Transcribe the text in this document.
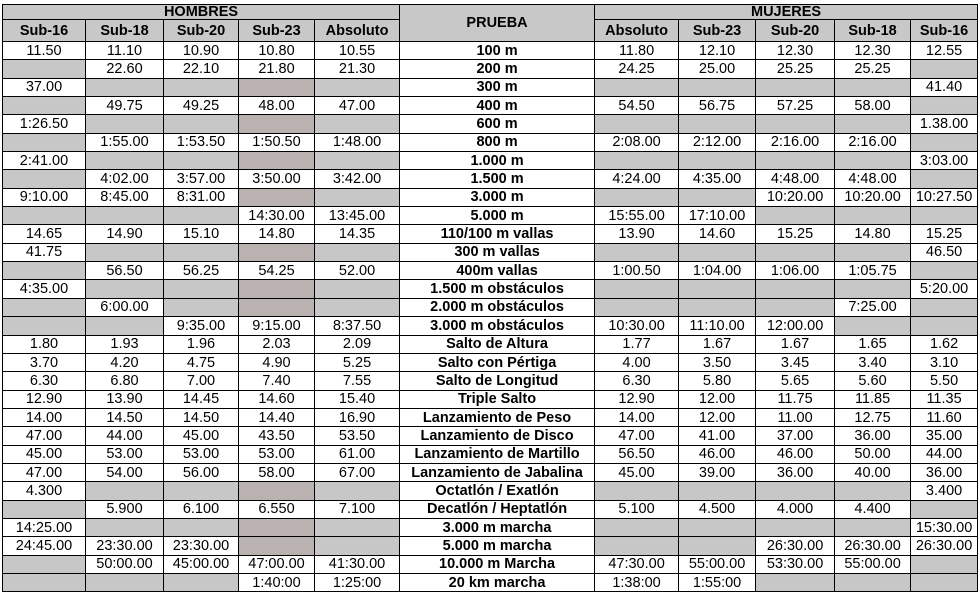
HOMBRES					PRUEBA	MUJERES				
Sub-16	Sub-18	Sub-20	Sub-23	Absoluto		Absoluto	Sub-23	Sub-20	Sub-18	Sub-16
11.50	11.10	10.90	10.80	10.55	100 m	11.80	12.10	12.30	12.30	12.55
	22.60	22.10	21.80	21.30	200 m	24.25	25.00	25.25	25.25	
37.00					300 m					41.40
	49.75	49.25	48.00	47.00	400 m	54.50	56.75	57.25	58.00	
1:26.50					600 m					1.38.00
	1:55.00	1:53.50	1:50.50	1:48.00	800 m	2:08.00	2:12.00	2:16.00	2:16.00	
2:41.00					1.000 m					3:03.00
	4:02.00	3:57.00	3:50.00	3:42.00	1.500 m	4:24.00	4:35.00	4:48.00	4:48.00	
9:10.00	8:45.00	8:31.00			3.000 m			10:20.00	10:20.00	10:27.50
			14:30.00	13:45.00	5.000 m	15:55.00	17:10.00			
14.65	14.90	15.10	14.80	14.35	110/100 m vallas	13.90	14.60	15.25	14.80	15.25
41.75					300 m vallas					46.50
	56.50	56.25	54.25	52.00	400m vallas	1:00.50	1:04.00	1:06.00	1:05.75	
4:35.00					1.500 m obstáculos					5:20.00
	6:00.00				2.000 m obstáculos				7:25.00	
		9:35.00	9:15.00	8:37.50	3.000 m obstáculos	10:30.00	11:10.00	12:00.00		
1.80	1.93	1.96	2.03	2.09	Salto de Altura	1.77	1.67	1.67	1.65	1.62
3.70	4.20	4.75	4.90	5.25	Salto con Pértiga	4.00	3.50	3.45	3.40	3.10
6.30	6.80	7.00	7.40	7.55	Salto de Longitud	6.30	5.80	5.65	5.60	5.50
12.90	13.90	14.45	14.60	15.40	Triple Salto	12.90	12.00	11.75	11.85	11.35
14.00	14.50	14.50	14.40	16.90	Lanzamiento de Peso	14.00	12.00	11.00	12.75	11.60
47.00	44.00	45.00	43.50	53.50	Lanzamiento de Disco	47.00	41.00	37.00	36.00	35.00
45.00	53.00	53.00	53.00	61.00	Lanzamiento de Martillo	56.50	46.00	46.00	50.00	44.00
47.00	54.00	56.00	58.00	67.00	Lanzamiento de Jabalina	45.00	39.00	36.00	40.00	36.00
4.300					Octatlón / Exatlón					3.400
	5.900	6.100	6.550	7.100	Decatlón / Heptatlón	5.100	4.500	4.000	4.400	
14:25.00					3.000 m marcha					15:30.00
24:45.00	23:30.00	23:30.00			5.000 m marcha			26:30.00	26:30.00	26:30.00
	50:00.00	45:00.00	47:00.00	41:30.00	10.000 m Marcha	47:30.00	55:00.00	53:30.00	55:00.00	
			1:40:00	1:25:00	20 km marcha	1:38:00	1:55:00			
